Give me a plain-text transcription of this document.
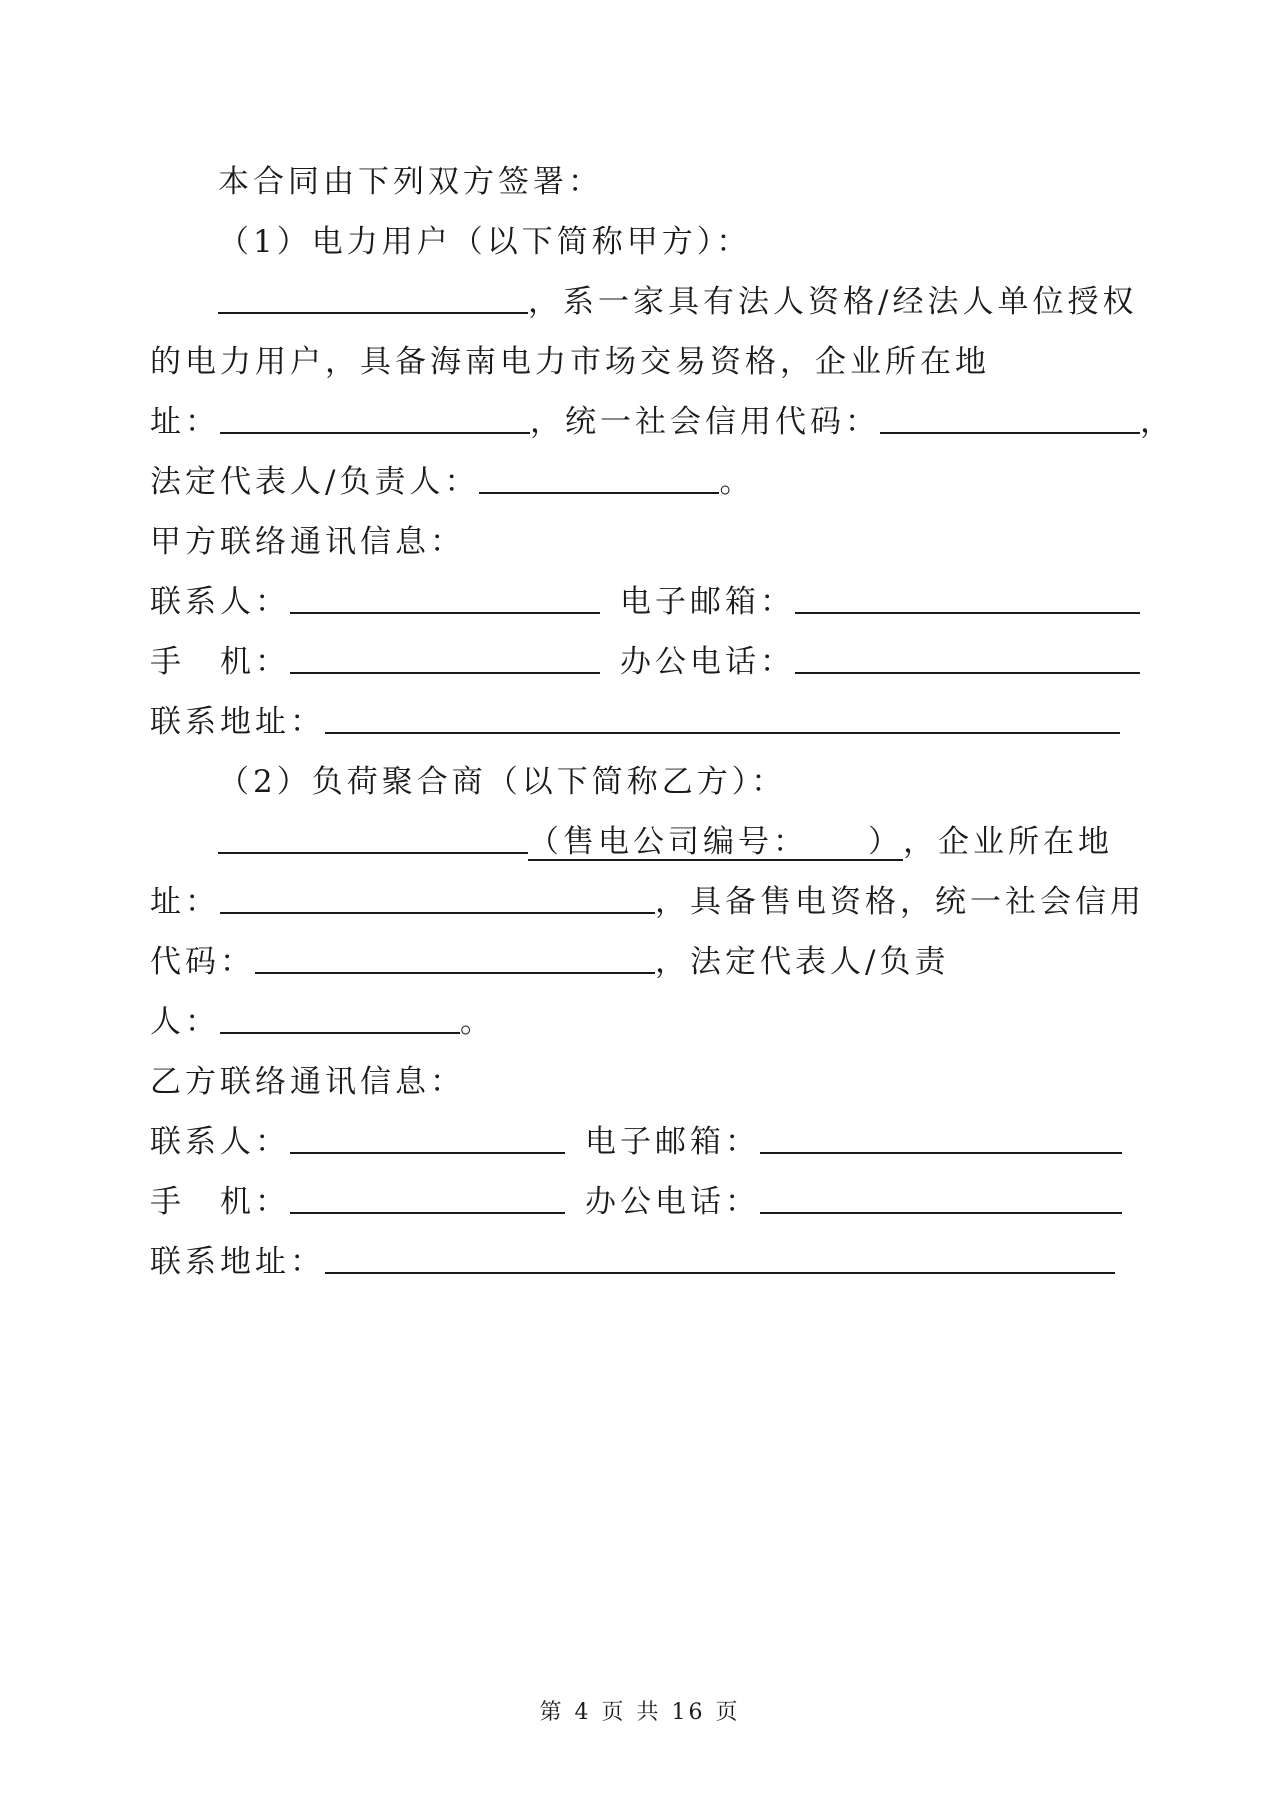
本合同由下列双方签署：
（1）电力用户（以下简称甲方）：
，系一家具有法人资格/经法人单位授权
的电力用户，具备海南电力市场交易资格，企业所在地
址：	，统一社会信用代码：	，
法定代表人/负责人：	。
甲方联络通讯信息：
联系人：	电子邮箱：
手　机：	办公电话：
联系地址：
（2）负荷聚合商（以下简称乙方）：
（售电公司编号： ），企业所在地
址：	，具备售电资格，统一社会信用
代码：	，法定代表人/负责
人：	。
乙方联络通讯信息：
联系人：	电子邮箱：
手　机：	办公电话：
联系地址：
第 4 页 共 16 页
